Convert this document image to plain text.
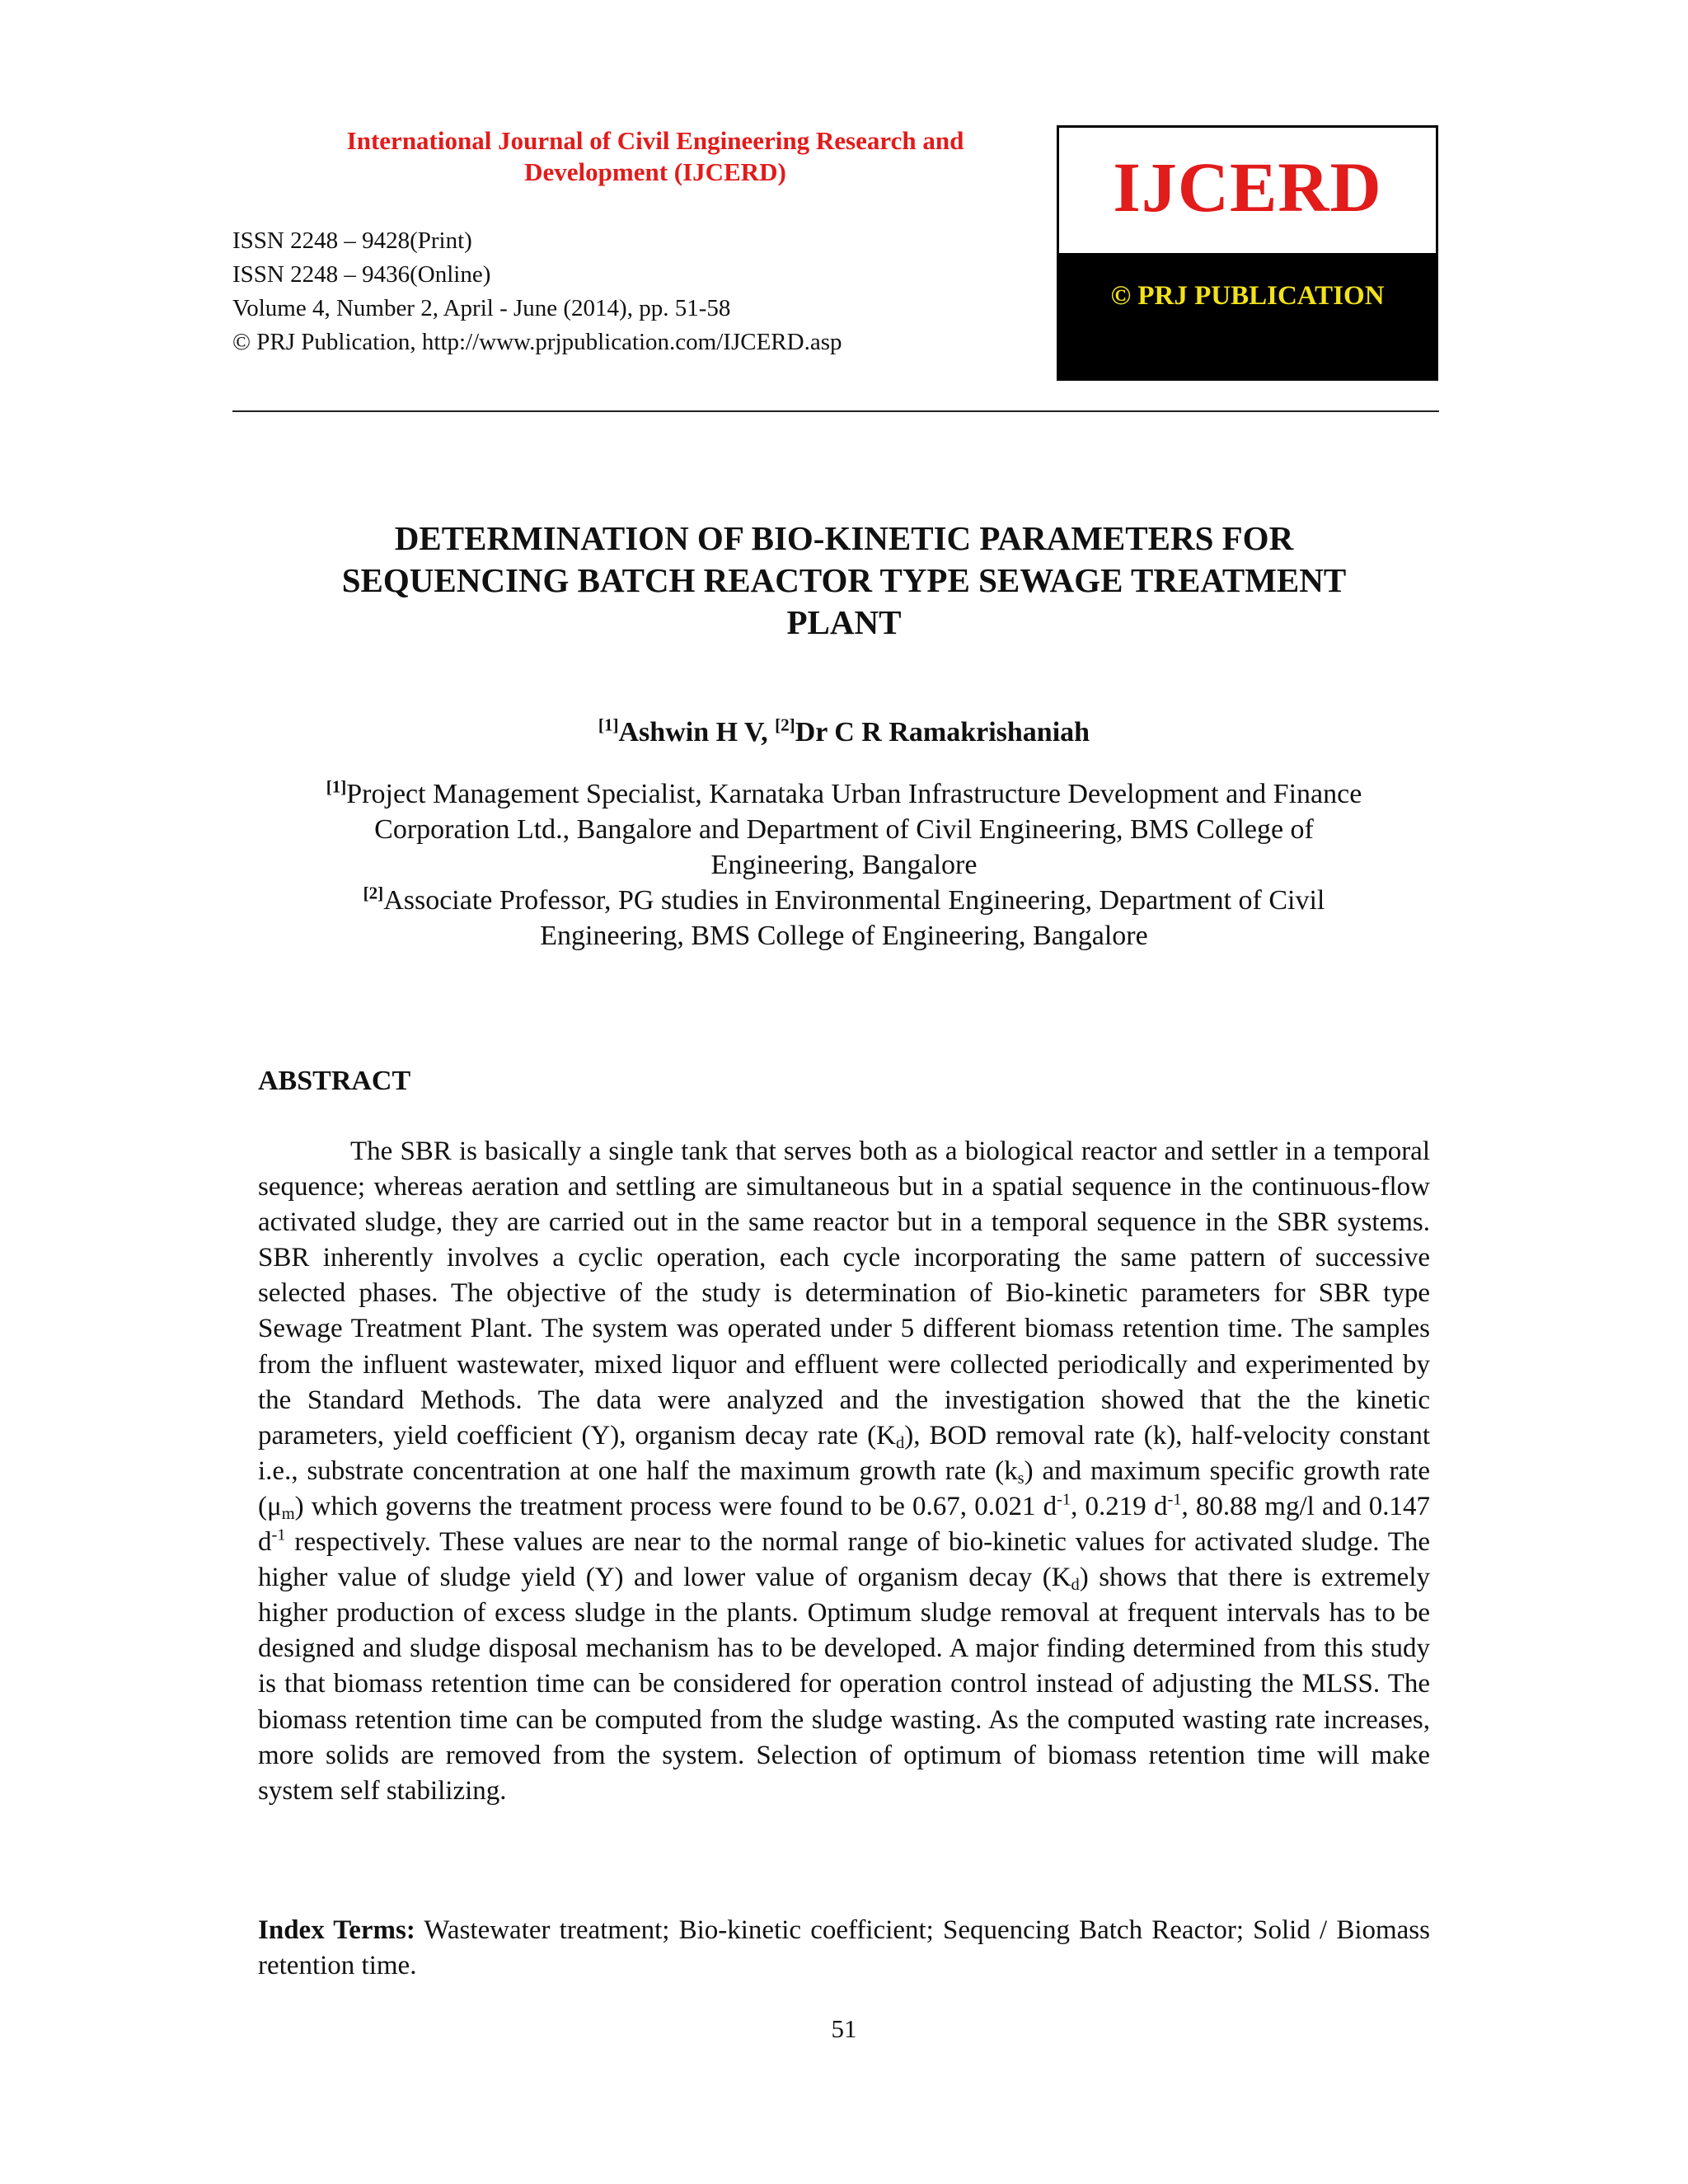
International Journal of Civil Engineering Research and
Development (IJCERD)
ISSN 2248 – 9428(Print)
ISSN 2248 – 9436(Online)
Volume 4, Number 2, April - June (2014), pp. 51-58
© PRJ Publication, http://www.prjpublication.com/IJCERD.asp
IJCERD
© PRJ PUBLICATION
DETERMINATION OF BIO-KINETIC PARAMETERS FOR
SEQUENCING BATCH REACTOR TYPE SEWAGE TREATMENT
PLANT
[1]Ashwin H V, [2]Dr C R Ramakrishaniah
[1]Project Management Specialist, Karnataka Urban Infrastructure Development and Finance
Corporation Ltd., Bangalore and Department of Civil Engineering, BMS College of
Engineering, Bangalore
[2]Associate Professor, PG studies in Environmental Engineering, Department of Civil
Engineering, BMS College of Engineering, Bangalore
ABSTRACT
The SBR is basically a single tank that serves both as a biological reactor and settler in a temporal sequence; whereas aeration and settling are simultaneous but in a spatial sequence in the continuous-flow activated sludge, they are carried out in the same reactor but in a temporal sequence in the SBR systems. SBR inherently involves a cyclic operation, each cycle incorporating the same pattern of successive selected phases. The objective of the study is determination of Bio-kinetic parameters for SBR type Sewage Treatment Plant. The system was operated under 5 different biomass retention time. The samples from the influent wastewater, mixed liquor and effluent were collected periodically and experimented by the Standard Methods. The data were analyzed and the investigation showed that the the kinetic parameters, yield coefficient (Y), organism decay rate $(K_d)$, BOD removal rate (k), half-velocity constant i.e., substrate concentration at one half the maximum growth rate $(k_s)$ and maximum specific growth rate $(\mu_m)$ which governs the treatment process were found to be 0.67, 0.021 $d^{-1}$, 0.219 $d^{-1}$, 80.88 mg/l and 0.147 $d^{-1}$ respectively. These values are near to the normal range of bio-kinetic values for activated sludge. The higher value of sludge yield (Y) and lower value of organism decay $(K_d)$ shows that there is extremely higher production of excess sludge in the plants. Optimum sludge removal at frequent intervals has to be designed and sludge disposal mechanism has to be developed. A major finding determined from this study is that biomass retention time can be considered for operation control instead of adjusting the MLSS. The biomass retention time can be computed from the sludge wasting. As the computed wasting rate increases, more solids are removed from the system. Selection of optimum of biomass retention time will make system self stabilizing.
Index Terms: Wastewater treatment; Bio-kinetic coefficient; Sequencing Batch Reactor; Solid / Biomass retention time.
51
